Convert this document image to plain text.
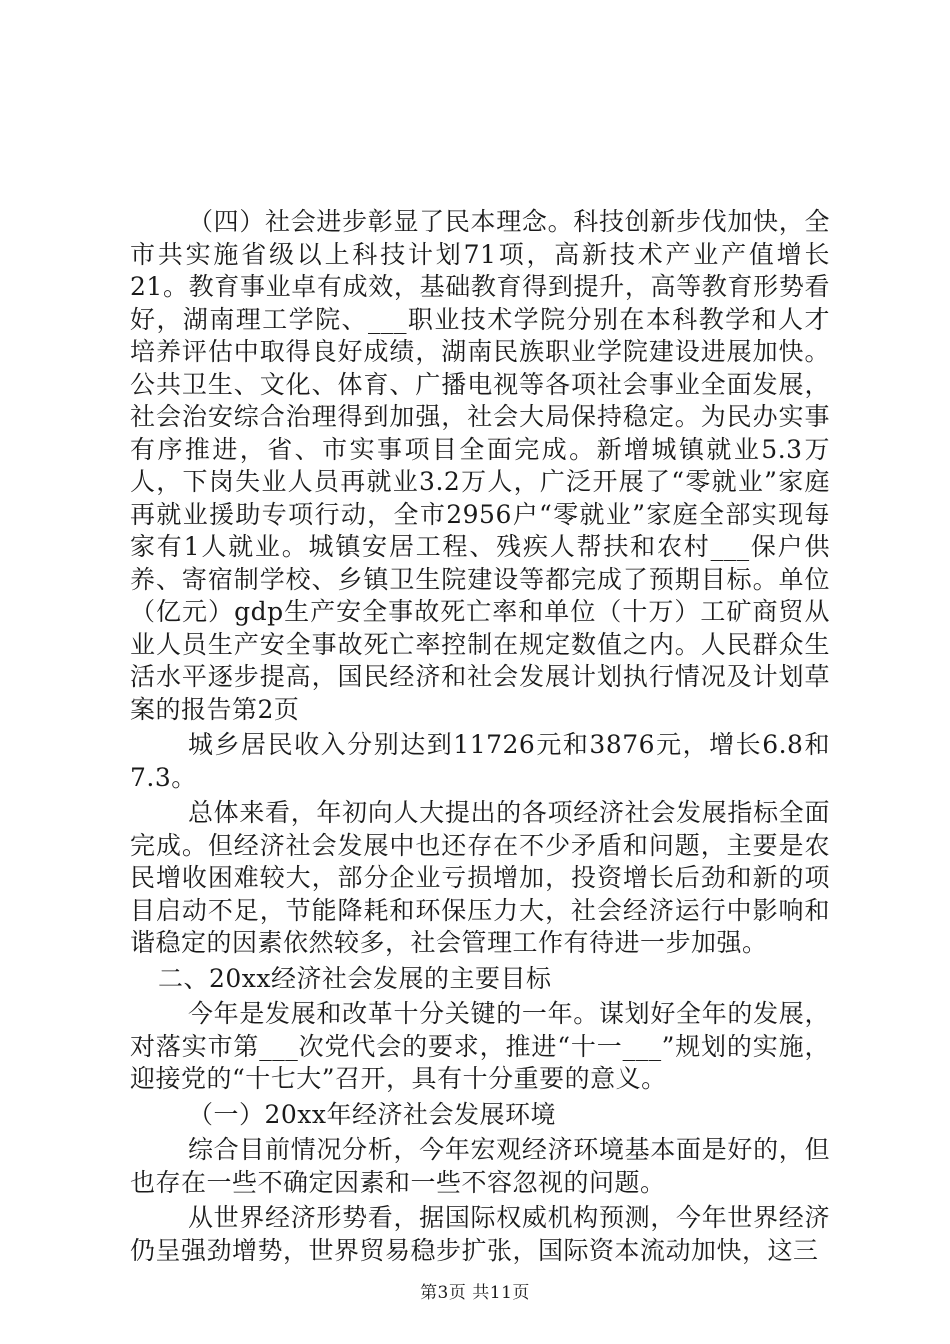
（四）社会进步彰显了民本理念。科技创新步伐加快，全市共实施省级以上科技计划71项，高新技术产业产值增长21。教育事业卓有成效，基础教育得到提升，高等教育形势看好，湖南理工学院、___职业技术学院分别在本科教学和人才培养评估中取得良好成绩，湖南民族职业学院建设进展加快。公共卫生、文化、体育、广播电视等各项社会事业全面发展，社会治安综合治理得到加强，社会大局保持稳定。为民办实事有序推进，省、市实事项目全面完成。新增城镇就业5.3万人，下岗失业人员再就业3.2万人，广泛开展了“零就业”家庭再就业援助专项行动，全市2956户“零就业”家庭全部实现每家有1人就业。城镇安居工程、残疾人帮扶和农村___保户供养、寄宿制学校、乡镇卫生院建设等都完成了预期目标。单位（亿元）gdp生产安全事故死亡率和单位（十万）工矿商贸从业人员生产安全事故死亡率控制在规定数值之内。人民群众生活水平逐步提高，国民经济和社会发展计划执行情况及计划草案的报告第2页

城乡居民收入分别达到11726元和3876元，增长6.8和7.3。

总体来看，年初向人大提出的各项经济社会发展指标全面完成。但经济社会发展中也还存在不少矛盾和问题，主要是农民增收困难较大，部分企业亏损增加，投资增长后劲和新的项目启动不足，节能降耗和环保压力大，社会经济运行中影响和谐稳定的因素依然较多，社会管理工作有待进一步加强。

二、20xx经济社会发展的主要目标

今年是发展和改革十分关键的一年。谋划好全年的发展，对落实市第___次党代会的要求，推进“十一___”规划的实施，迎接党的“十七大”召开，具有十分重要的意义。

（一）20xx年经济社会发展环境

综合目前情况分析，今年宏观经济环境基本面是好的，但也存在一些不确定因素和一些不容忽视的问题。

从世界经济形势看，据国际权威机构预测，今年世界经济仍呈强劲增势，世界贸易稳步扩张，国际资本流动加快，这三

第3页 共11页
